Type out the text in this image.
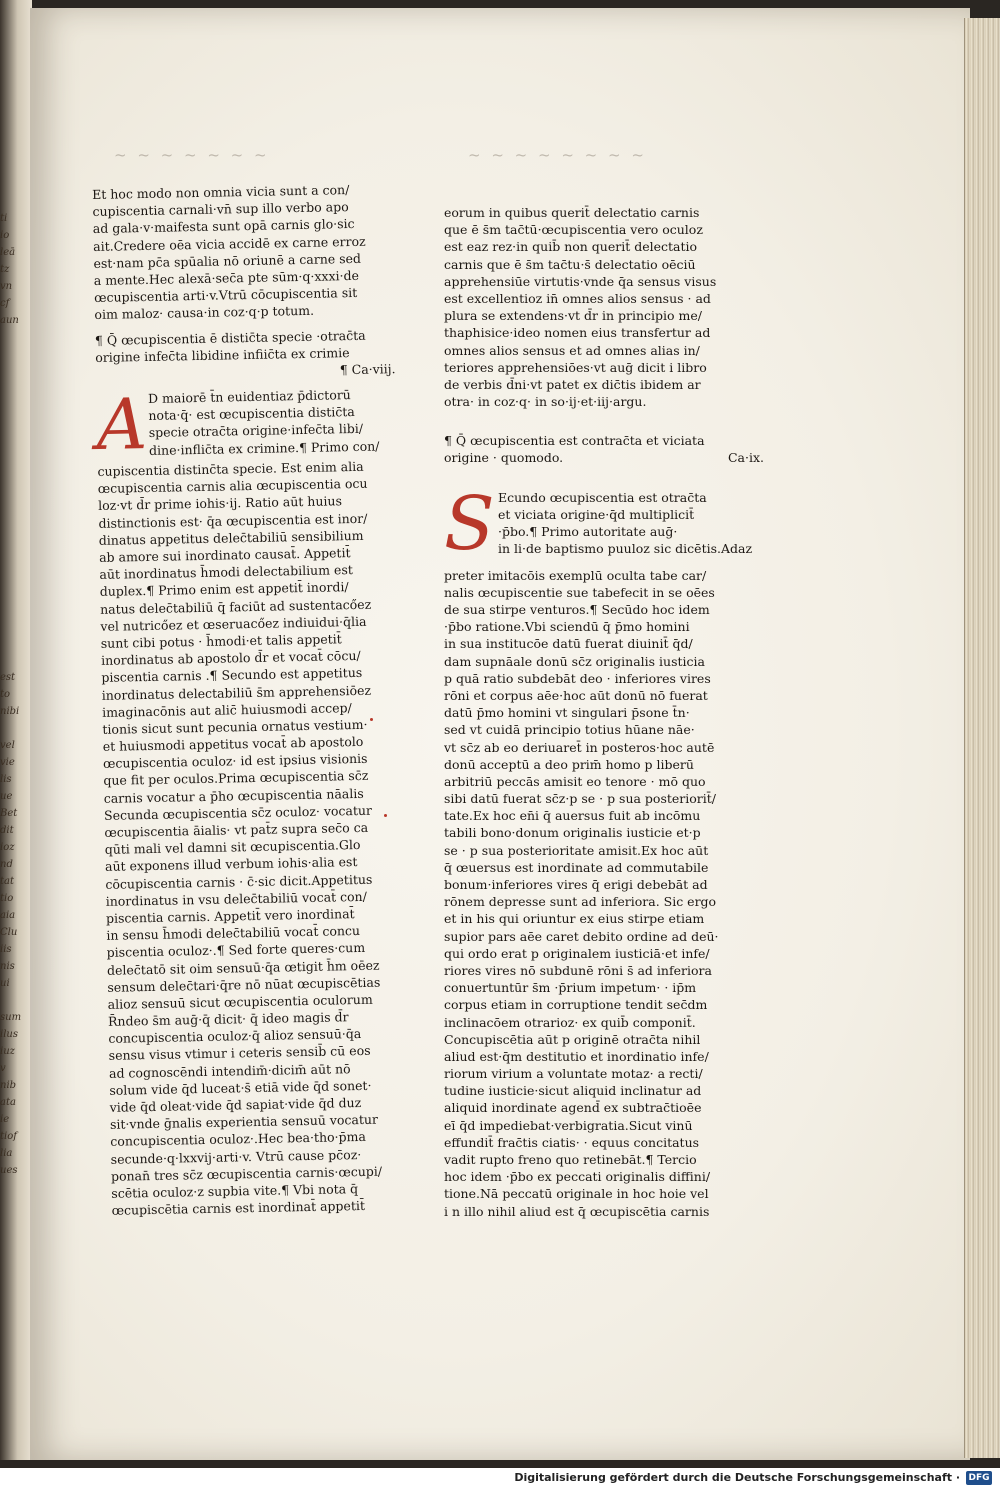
ti
io
leā
tz
vn
cf
aun
est
to
nibi
vel
vie
lis
ue
Bet
dit
ioz
nd
tat
tio
aia
Clu
iis
nis
ui
sum
ilus
iuz
v
nib
ata
ie
tiof
lia
ues
~ ~ ~ ~ ~ ~ ~	~ ~ ~ ~ ~ ~ ~ ~
Et hoc modo non omnia vicia sunt a con/
cupiscentia carnali·vn̄ sup illo verbo apo
ad gala·v·maifesta sunt opā carnis glo·sic
ait.Credere oēa vicia accidē ex carne erroz
est·nam pc̄a spūalia nō oriunē a carne sed
a mente.Hec alexā·sec̄a pte sūm·q·xxxi·de
œcupiscentia arti·v.Vtrū cōcupiscentia sit
oim maloz· causa·in coz·q·p totum.
¶ Q̄ œcupiscentia ē distic̄ta specie ·otrac̄ta
origine infec̄ta libidine infiic̄ta ex crimie
¶ Ca·viij.
A D maiorē t̄n euidentiaz p̄dictorū
nota·q̄· est œcupiscentia distic̄ta
specie otrac̄ta origine·infec̄ta libi/
dine·inflic̄ta ex crimine.¶ Primo con/
cupiscentia distinc̄ta specie. Est enim alia
œcupiscentia carnis alia œcupiscentia ocu
loz·vt d̄r prime iohis·ij. Ratio aūt huius
distinctionis est· q̄a œcupiscentia est inor/
dinatus appetitus delec̄tabiliū sensibilium
ab amore sui inordinato causat̄. Appetit̄
aūt inordinatus h̄modi delectabilium est
duplex.¶ Primo enim est appetit̄ inordi/
natus delec̄tabiliū q̄ faciūt ad sustentacőez
vel nutricőez et œseruacőez indiuidui·q̄lia
sunt cibi potus · h̄modi·et talis appetit̄
inordinatus ab apostolo d̄r et vocat̄ cōcu/
piscentia carnis .¶ Secundo est appetitus
inordinatus delectabiliū s̄m apprehensiōez
imaginacōnis aut alic̄ huiusmodi accep/
tionis sicut sunt pecunia ornatus vestium·
et huiusmodi appetitus vocat̄ ab apostolo
œcupiscentia oculoz· id est ipsius visionis
que fit per oculos.Prima œcupiscentia sc̄z
carnis vocatur a p̄ho œcupiscentia nāalis
Secunda œcupiscentia sc̄z oculoz· vocatur
œcupiscentia āialis· vt pat̄z supra sec̄o ca
qūti mali vel damni sit œcupiscentia.Glo
aūt exponens illud verbum iohis·alia est
cōcupiscentia carnis · c̄·sic dicit.Appetitus
inordinatus in vsu delec̄tabiliū vocat̄ con/
piscentia carnis. Appetit̄ vero inordinat̄
in sensu h̄modi delec̄tabiliū vocat̄ concu
piscentia oculoz·.¶ Sed forte queres·cum
delec̄tatō sit oim sensuū·q̄a œtigit h̄m oēez
sensum delec̄tari·q̄re nō nūat œcupiscētias
alioz sensuū sicut œcupiscentia oculorum
R̄ndeo s̄m auḡ·q̄ dicit· q̄ ideo magis d̄r
concupiscentia oculoz·q̄ alioz sensuū·q̄a
sensu visus vtimur i ceteris sensib̄ cū eos
ad cognoscēndi intendim̄·dicim̄ aūt nō
solum vide q̄d luceat·s̄ etiā vide q̄d sonet·
vide q̄d oleat·vide q̄d sapiat·vide q̄d duz
sit·vnde ḡnalis experientia sensuū vocatur
concupiscentia oculoz·.Hec bea·tho·p̄ma
secunde·q·lxxvij·arti·v. Vtrū cause pc̄oz·
ponan̄ tres sc̄z œcupiscentia carnis·œcupi/
scētia oculoz·z supbia vite.¶ Vbi nota q̄
œcupiscētia carnis est inordinat̄ appetit̄
eorum in quibus querit̄ delectatio carnis
que ē s̄m tac̄tū·œcupiscentia vero oculoz
est eaz rez·in quib̄ non querit̄ delectatio
carnis que ē s̄m tac̄tu·s̄ delectatio oēciū
apprehensiūe virtutis·vnde q̄a sensus visus
est excellentioz in̄ omnes alios sensus · ad
plura se extendens·vt d̄r in principio me/
thaphisice·ideo nomen eius transfertur ad
omnes alios sensus et ad omnes alias in/
teriores apprehensiōes·vt auḡ dicit i libro
de verbis d̄ni·vt patet ex dic̄tis ibidem ar
otra· in coz·q· in so·ij·et·iij·argu.
¶ Q̄ œcupiscentia est contrac̄ta et viciata
origine · quomodo.	Ca·ix.
S Ecundo œcupiscentia est otrac̄ta
et viciata origine·q̄d multiplicit̄
·p̄bo.¶ Primo autoritate auḡ·
in li·de baptismo puuloz sic dicētis.Adaz
preter imitacōis exemplū oculta tabe car/
nalis œcupiscentie sue tabefecit in se oēes
de sua stirpe venturos.¶ Secūdo hoc idem
·p̄bo ratione.Vbi sciendū q̄ p̄mo homini
in sua institucōe datū fuerat diuinit̄ q̄d/
dam supnāale donū sc̄z originalis iusticia
p quā ratio subdebāt deo · inferiores vires
rōni et corpus aēe·hoc aūt donū nō fuerat
datū p̄mo homini vt singulari p̄sone t̄n·
sed vt cuidā principio totius hūane nāe·
vt sc̄z ab eo deriuaret̄ in posteros·hoc autē
donū acceptū a deo prim̄ homo p liberū
arbitriū peccās amisit eo tenore · mō quo
sibi datū fuerat sc̄z·p se · p sua posteriorit̄/
tate.Ex hoc en̄i q̄ auersus fuit ab incōmu
tabili bono·donum originalis iusticie et·p
se · p sua posterioritate amisit.Ex hoc aūt
q̄ œuersus est inordinate ad commutabile
bonum·inferiores vires q̄ erigi debebāt ad
rōnem depresse sunt ad inferiora. Sic ergo
et in his qui oriuntur ex eius stirpe etiam
supior pars aēe caret debito ordine ad deū·
qui ordo erat p originalem iusticiā·et infe/
riores vires nō subdunē rōni s̄ ad inferiora
conuertuntūr s̄m ·p̄rium impetum· · ip̄m
corpus etiam in corruptione tendit sec̄dm
inclinacōem otrarioz· ex quib̄ componit̄.
Concupiscētia aūt p originē otrac̄ta nihil
aliud est·q̄m destitutio et inordinatio infe/
riorum virium a voluntate motaz· a recti/
tudine iusticie·sicut aliquid inclinatur ad
aliquid inordinate agend̄ ex subtrac̄tioēe
eī q̄d impediebat·verbigratia.Sicut vinū
effundit̄ frac̄tis ciatis· · equus concitatus
vadit rupto freno quo retinebāt.¶ Tercio
hoc idem ·p̄bo ex peccati originalis diffini/
tione.Nā peccatū originale in hoc hoie vel
i n illo nihil aliud est q̄ œcupiscētia carnis
Digitalisierung gefördert durch die Deutsche Forschungsgemeinschaft · DFG
